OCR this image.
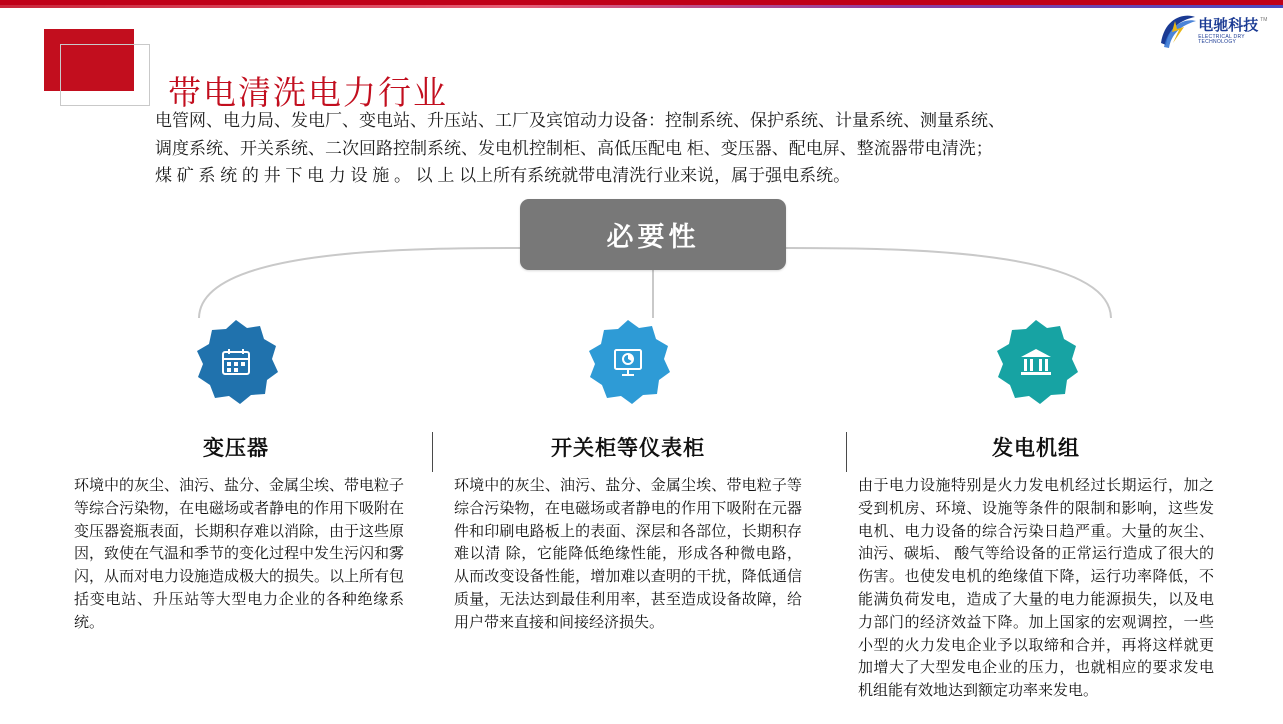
电驰科技 TM
ELECTRICAL DRY TECHNOLOGY
带电清洗电力行业
电管网、电力局、发电厂、变电站、升压站、工厂及宾馆动力设备：控制系统、保护系统、计量系统、测量系统、
调度系统、开关系统、二次回路控制系统、发电机控制柜、高低压配电 柜、变压器、配电屏、整流器带电清洗；
煤 矿 系 统 的 井 下 电 力 设 施 。 以 上 以上所有系统就带电清洗行业来说，属于强电系统。
必要性
变压器
环境中的灰尘、油污、盐分、金属尘埃、带电粒子等综合污染物，在电磁场或者静电的作用下吸附在变压器瓷瓶表面，长期积存难以消除，由于这些原因，致使在气温和季节的变化过程中发生污闪和雾闪，从而对电力设施造成极大的损失。以上所有包括变电站、升压站等大型电力企业的各种绝缘系统。
开关柜等仪表柜
环境中的灰尘、油污、盐分、金属尘埃、带电粒子等综合污染物，在电磁场或者静电的作用下吸附在元器件和印刷电路板上的表面、深层和各部位，长期积存难以清 除，它能降低绝缘性能，形成各种微电路，从而改变设备性能，增加难以查明的干扰，降低通信质量，无法达到最佳利用率，甚至造成设备故障，给用户带来直接和间接经济损失。
发电机组
由于电力设施特别是火力发电机经过长期运行，加之受到机房、环境、设施等条件的限制和影响，这些发电机、电力设备的综合污染日趋严重。大量的灰尘、油污、碳垢、 酸气等给设备的正常运行造成了很大的伤害。也使发电机的绝缘值下降，运行功率降低，不能满负荷发电，造成了大量的电力能源损失，以及电力部门的经济效益下降。加上国家的宏观调控，一些小型的火力发电企业予以取缔和合并，再将这样就更加增大了大型发电企业的压力，也就相应的要求发电机组能有效地达到额定功率来发电。
